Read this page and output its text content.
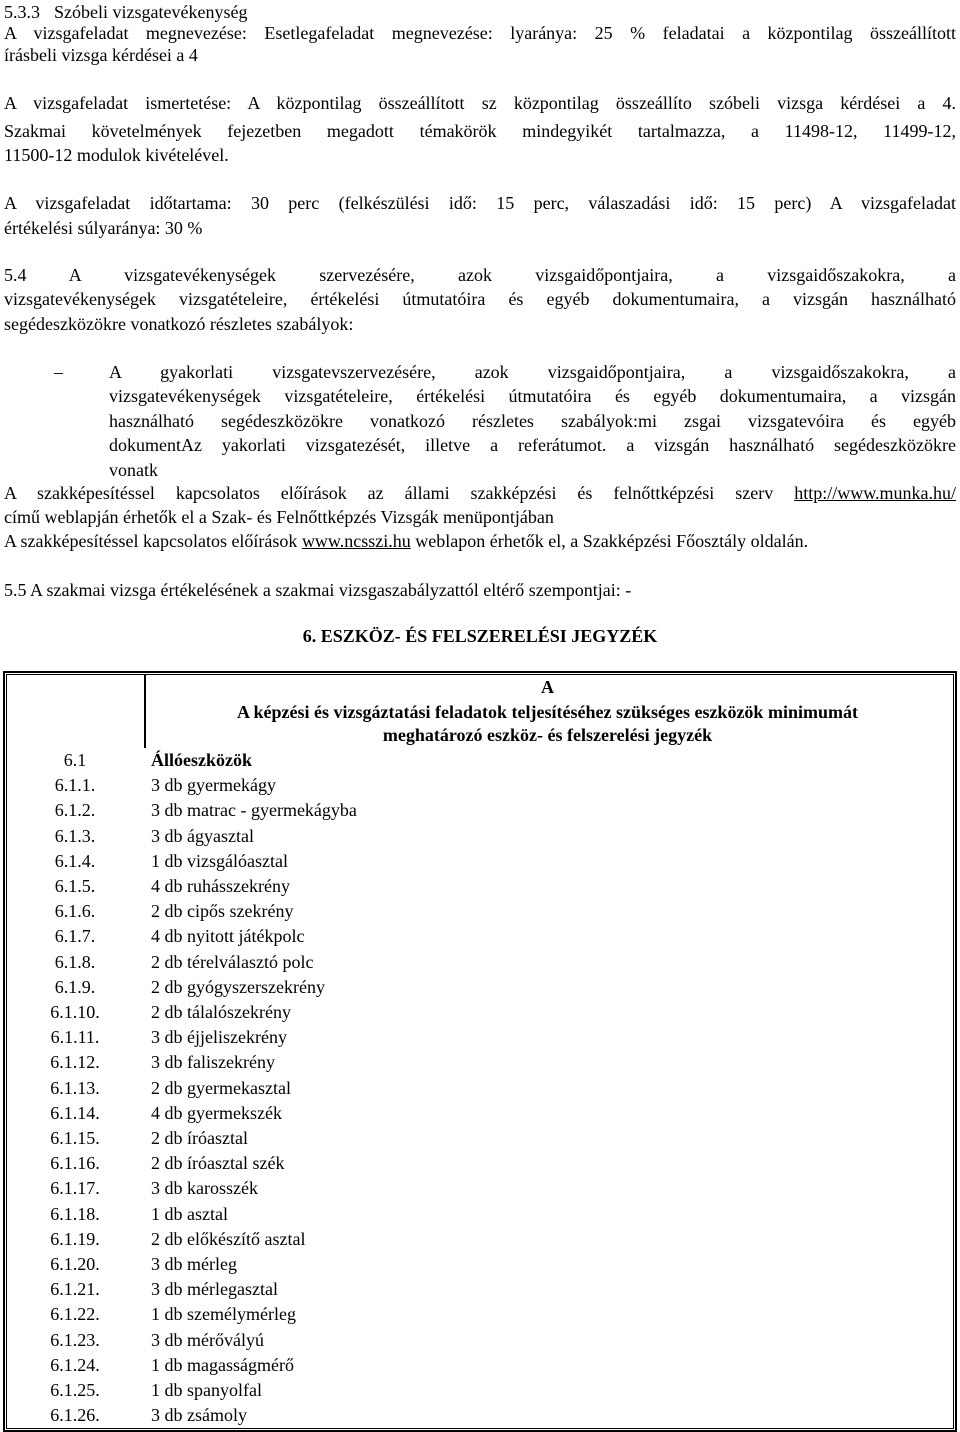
5.3.3 Szóbeli vizsgatevékenység
A vizsgafeladat megnevezése: Esetlegafeladat megnevezése: lyaránya: 25 % feladatai a központilag összeállított
írásbeli vizsga kérdései a 4
A vizsgafeladat ismertetése: A központilag összeállított sz központilag összeállíto szóbeli vizsga kérdései a 4.
Szakmai követelmények fejezetben megadott témakörök mindegyikét tartalmazza, a 11498-12, 11499-12,
11500-12 modulok kivételével.
A vizsgafeladat időtartama: 30 perc (felkészülési idő: 15 perc, válaszadási idő: 15 perc) A vizsgafeladat
értékelési súlyaránya: 30 %
5.4 A vizsgatevékenységek szervezésére, azok vizsgaidőpontjaira, a vizsgaidőszakokra, a
vizsgatevékenységek vizsgatételeire, értékelési útmutatóira és egyéb dokumentumaira, a vizsgán használható
segédeszközökre vonatkozó részletes szabályok:
–	A gyakorlati vizsgatevszervezésére, azok vizsgaidőpontjaira, a vizsgaidőszakokra, a
vizsgatevékenységek vizsgatételeire, értékelési útmutatóira és egyéb dokumentumaira, a vizsgán
használható segédeszközökre vonatkozó részletes szabályok:mi zsgai vizsgatevóira és egyéb
dokumentAz yakorlati vizsgatezését, illetve a referátumot. a vizsgán használható segédeszközökre
vonatk
A szakképesítéssel kapcsolatos előírások az állami szakképzési és felnőttképzési szerv http://www.munka.hu/
című weblapján érhetők el a Szak- és Felnőttképzés Vizsgák menüpontjában
A szakképesítéssel kapcsolatos előírások www.ncsszi.hu weblapon érhetők el, a Szakképzési Főosztály oldalán.
5.5 A szakmai vizsga értékelésének a szakmai vizsgaszabályzattól eltérő szempontjai: -
6. ESZKÖZ- ÉS FELSZERELÉSI JEGYZÉK
A
A képzési és vizsgáztatási feladatok teljesítéséhez szükséges eszközök minimumát
meghatározó eszköz- és felszerelési jegyzék
6.1	Állóeszközök
6.1.1.	3 db gyermekágy
6.1.2.	3 db matrac - gyermekágyba
6.1.3.	3 db ágyasztal
6.1.4.	1 db vizsgálóasztal
6.1.5.	4 db ruhásszekrény
6.1.6.	2 db cipős szekrény
6.1.7.	4 db nyitott játékpolc
6.1.8.	2 db térelválasztó polc
6.1.9.	2 db gyógyszerszekrény
6.1.10.	2 db tálalószekrény
6.1.11.	3 db éjjeliszekrény
6.1.12.	3 db faliszekrény
6.1.13.	2 db gyermekasztal
6.1.14.	4 db gyermekszék
6.1.15.	2 db íróasztal
6.1.16.	2 db íróasztal szék
6.1.17.	3 db karosszék
6.1.18.	1 db asztal
6.1.19.	2 db előkészítő asztal
6.1.20.	3 db mérleg
6.1.21.	3 db mérlegasztal
6.1.22.	1 db személymérleg
6.1.23.	3 db mérővályú
6.1.24.	1 db magasságmérő
6.1.25.	1 db spanyolfal
6.1.26.	3 db zsámoly
